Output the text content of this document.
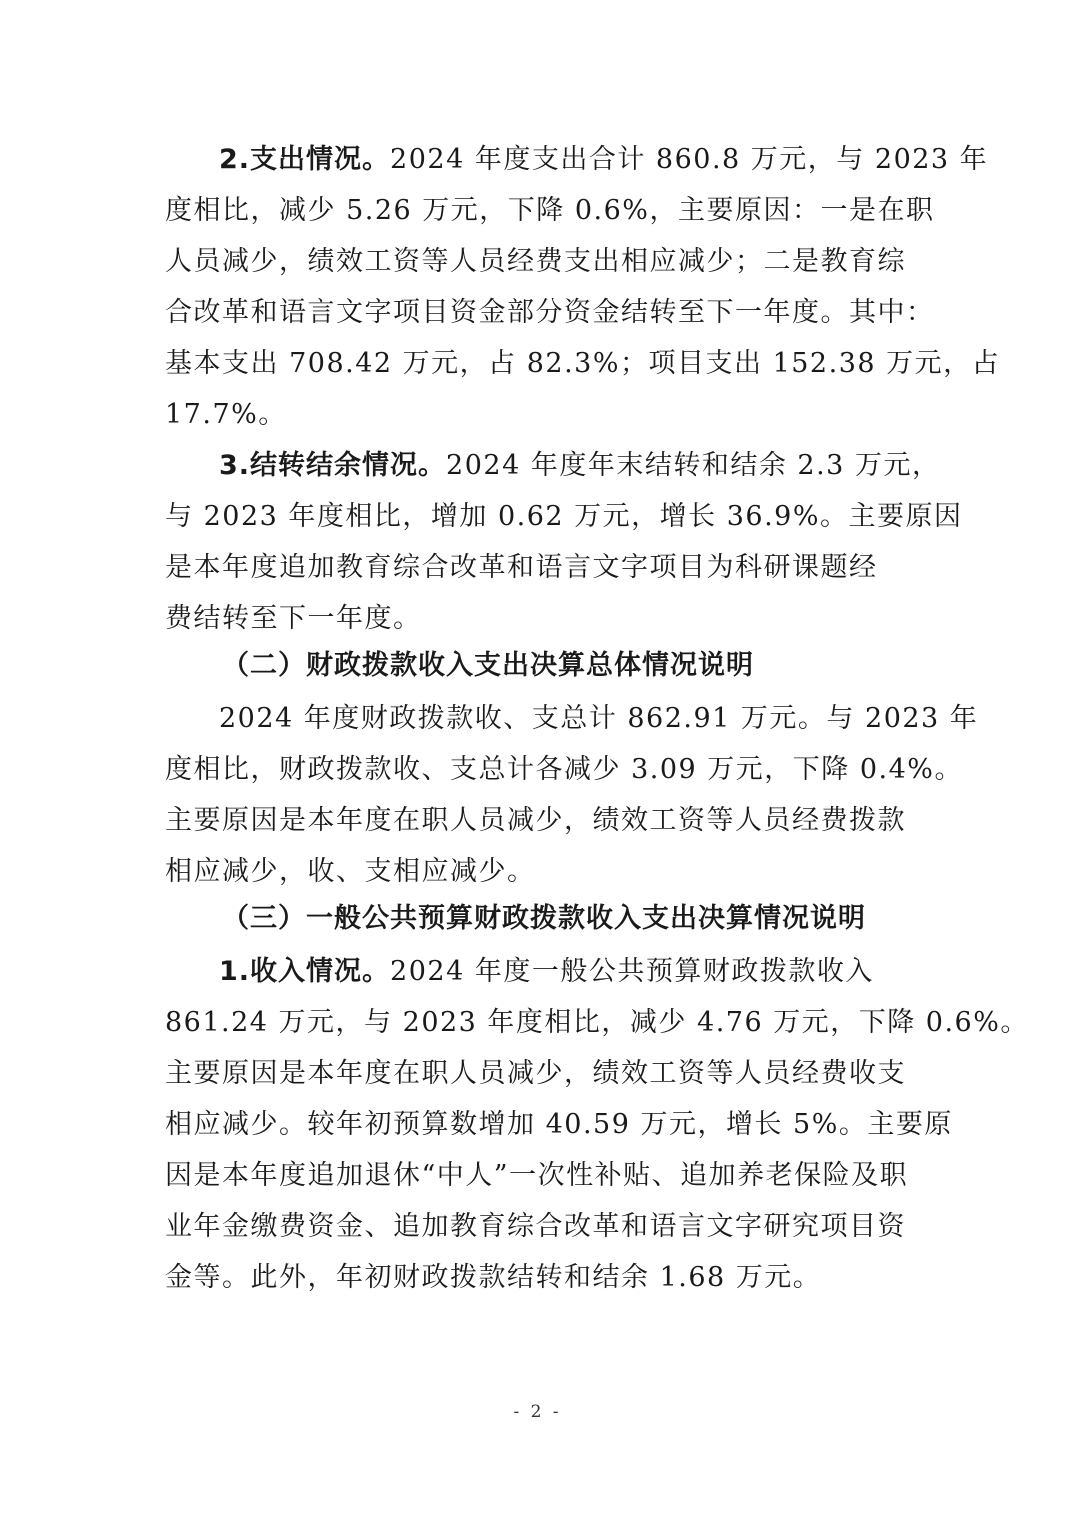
2.支出情况。2024 年度支出合计 860.8 万元，与 2023 年
度相比，减少 5.26 万元，下降 0.6%，主要原因：一是在职
人员减少，绩效工资等人员经费支出相应减少；二是教育综
合改革和语言文字项目资金部分资金结转至下一年度。其中：
基本支出 708.42 万元，占 82.3%；项目支出 152.38 万元，占
17.7%。
3.结转结余情况。2024 年度年末结转和结余 2.3 万元，
与 2023 年度相比，增加 0.62 万元，增长 36.9%。主要原因
是本年度追加教育综合改革和语言文字项目为科研课题经
费结转至下一年度。
（二）财政拨款收入支出决算总体情况说明
2024 年度财政拨款收、支总计 862.91 万元。与 2023 年
度相比，财政拨款收、支总计各减少 3.09 万元，下降 0.4%。
主要原因是本年度在职人员减少，绩效工资等人员经费拨款
相应减少，收、支相应减少。
（三）一般公共预算财政拨款收入支出决算情况说明
1.收入情况。2024 年度一般公共预算财政拨款收入
861.24 万元，与 2023 年度相比，减少 4.76 万元，下降 0.6%。
主要原因是本年度在职人员减少，绩效工资等人员经费收支
相应减少。较年初预算数增加 40.59 万元，增长 5%。主要原
因是本年度追加退休“中人”一次性补贴、追加养老保险及职
业年金缴费资金、追加教育综合改革和语言文字研究项目资
金等。此外，年初财政拨款结转和结余 1.68 万元。
- 2 -
